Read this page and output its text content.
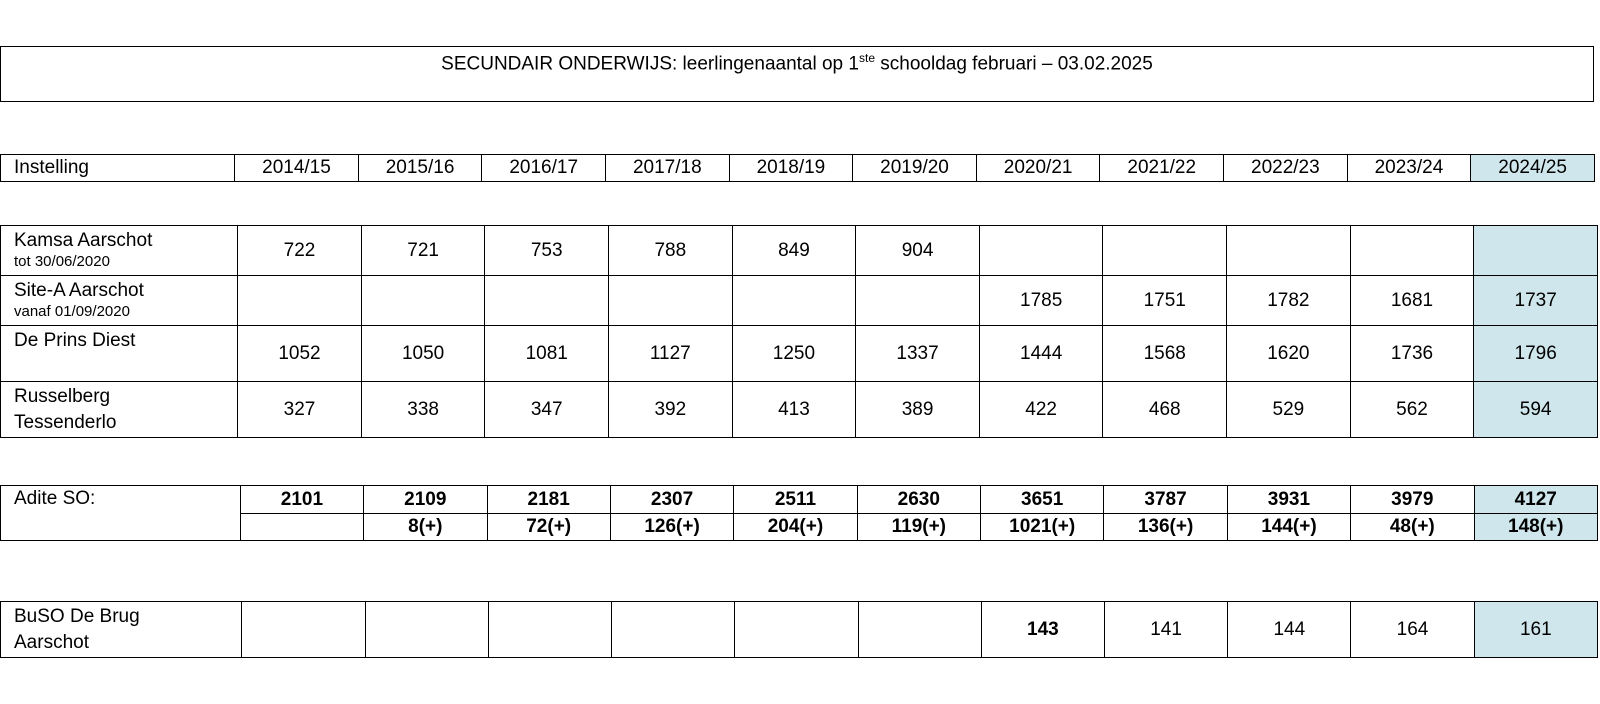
SECUNDAIR ONDERWIJS: leerlingenaantal op 1ste schooldag februari – 03.02.2025
Instelling	2014/15	2015/16	2016/17	2017/18	2018/19	2019/20	2020/21	2021/22	2022/23	2023/24	2024/25
Kamsa Aarschot
tot 30/06/2020	722	721	753	788	849	904					

Site-A Aarschot
vanaf 01/09/2020							1785	1751	1782	1681	1737

De Prins Diest	1052	1050	1081	1127	1250	1337	1444	1568	1620	1736	1796

Russelberg
Tessenderlo	327	338	347	392	413	389	422	468	529	562	594
Adite SO:	2101	2109	2181	2307	2511	2630	3651	3787	3931	3979	4127
		8(+)	72(+)	126(+)	204(+)	119(+)	1021(+)	136(+)	144(+)	48(+)	148(+)
BuSO De Brug
Aarschot
							143	141	144	164	161
